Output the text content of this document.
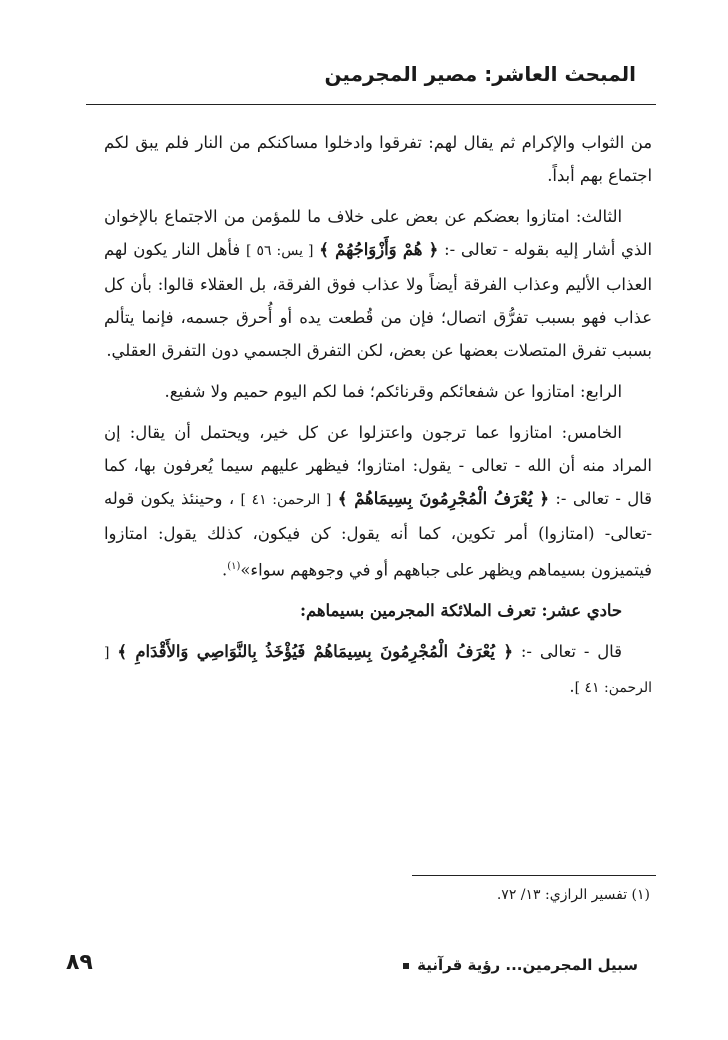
المبحث العاشر: مصير المجرمين

من الثواب والإكرام ثم يقال لهم: تفرقوا وادخلوا مساكنكم من النار فلم يبق لكم اجتماع بهم أبداً.

الثالث: امتازوا بعضكم عن بعض على خلاف ما للمؤمن من الاجتماع بالإخوان الذي أشار إليه بقوله - تعالى -: ﴿ هُمْ وَأَزْوَاجُهُمْ ﴾ [ يس: ٥٦ ] فأهل النار يكون لهم العذاب الأليم وعذاب الفرقة أيضاً ولا عذاب فوق الفرقة، بل العقلاء قالوا: بأن كل عذاب فهو بسبب تفرُّق اتصال؛ فإن من قُطعت يده أو أُحرق جسمه، فإنما يتألم بسبب تفرق المتصلات بعضها عن بعض، لكن التفرق الجسمي دون التفرق العقلي.

الرابع: امتازوا عن شفعائكم وقرنائكم؛ فما لكم اليوم حميم ولا شفيع.

الخامس: امتازوا عما ترجون واعتزلوا عن كل خير، ويحتمل أن يقال: إن المراد منه أن الله - تعالى - يقول: امتازوا؛ فيظهر عليهم سيما يُعرفون بها، كما قال - تعالى -: ﴿ يُعْرَفُ الْمُجْرِمُونَ بِسِيمَاهُمْ ﴾ [ الرحمن: ٤١ ] ، وحينئذ يكون قوله -تعالى- (امتازوا) أمر تكوين، كما أنه يقول: كن فيكون، كذلك يقول: امتازوا فيتميزون بسيماهم ويظهر على جباههم أو في وجوههم سواء»$^{(١)}$.

حادي عشر: تعرف الملائكة المجرمين بسيماهم:

قال - تعالى -: ﴿ يُعْرَفُ الْمُجْرِمُونَ بِسِيمَاهُمْ فَيُؤْخَذُ بِالنَّوَاصِي وَالأَقْدَامِ ﴾ [ الرحمن: ٤١ ].

(١) تفسير الرازي: ١٣/ ٧٢.
سبيل المجرمين... رؤية قرآنية
٨٩
